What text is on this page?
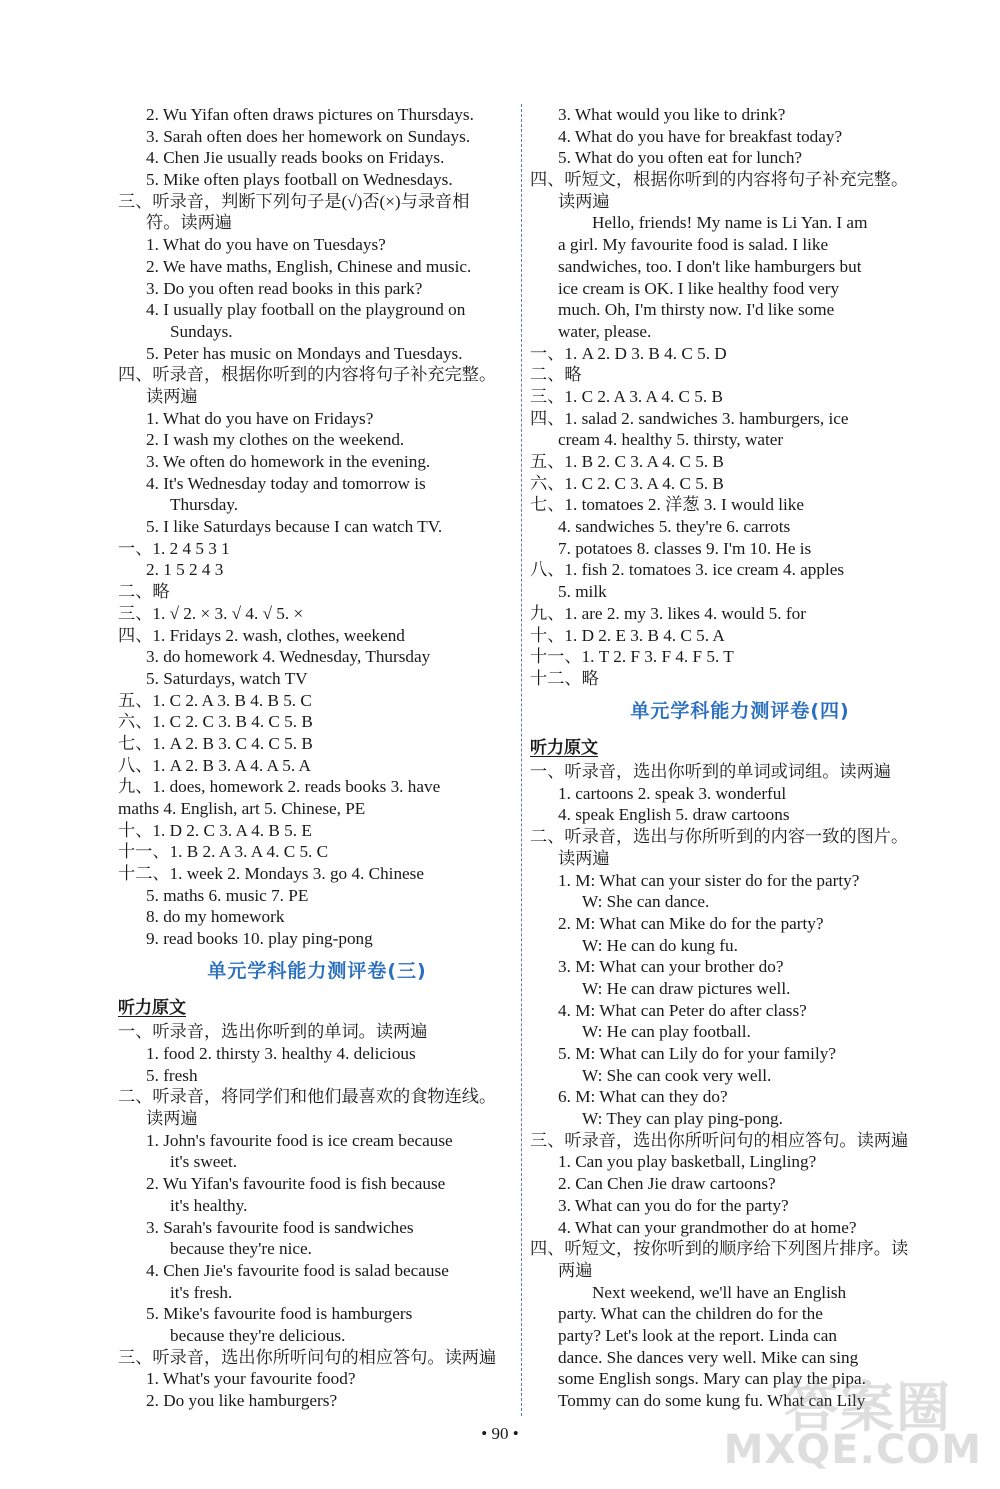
2. Wu Yifan often draws pictures on Thursdays.
3. Sarah often does her homework on Sundays.
4. Chen Jie usually reads books on Fridays.
5. Mike often plays football on Wednesdays.
三、听录音，判断下列句子是(√)否(×)与录音相
符。读两遍
1. What do you have on Tuesdays?
2. We have maths, English, Chinese and music.
3. Do you often read books in this park?
4. I usually play football on the playground on
Sundays.
5. Peter has music on Mondays and Tuesdays.
四、听录音，根据你听到的内容将句子补充完整。
读两遍
1. What do you have on Fridays?
2. I wash my clothes on the weekend.
3. We often do homework in the evening.
4. It's Wednesday today and tomorrow is
Thursday.
5. I like Saturdays because I can watch TV.
一、1. 2 4 5 3 1
2. 1 5 2 4 3
二、略
三、1. √ 2. × 3. √ 4. √ 5. ×
四、1. Fridays 2. wash, clothes, weekend
3. do homework 4. Wednesday, Thursday
5. Saturdays, watch TV
五、1. C 2. A 3. B 4. B 5. C
六、1. C 2. C 3. B 4. C 5. B
七、1. A 2. B 3. C 4. C 5. B
八、1. A 2. B 3. A 4. A 5. A
九、1. does, homework 2. reads books 3. have
maths 4. English, art 5. Chinese, PE
十、1. D 2. C 3. A 4. B 5. E
十一、1. B 2. A 3. A 4. C 5. C
十二、1. week 2. Mondays 3. go 4. Chinese
5. maths 6. music 7. PE
8. do my homework
9. read books 10. play ping-pong
单元学科能力测评卷(三)
听力原文
一、听录音，选出你听到的单词。读两遍
1. food 2. thirsty 3. healthy 4. delicious
5. fresh
二、听录音，将同学们和他们最喜欢的食物连线。
读两遍
1. John's favourite food is ice cream because
it's sweet.
2. Wu Yifan's favourite food is fish because
it's healthy.
3. Sarah's favourite food is sandwiches
because they're nice.
4. Chen Jie's favourite food is salad because
it's fresh.
5. Mike's favourite food is hamburgers
because they're delicious.
三、听录音，选出你所听问句的相应答句。读两遍
1. What's your favourite food?
2. Do you like hamburgers?
3. What would you like to drink?
4. What do you have for breakfast today?
5. What do you often eat for lunch?
四、听短文，根据你听到的内容将句子补充完整。
读两遍
Hello, friends! My name is Li Yan. I am
a girl. My favourite food is salad. I like
sandwiches, too. I don't like hamburgers but
ice cream is OK. I like healthy food very
much. Oh, I'm thirsty now. I'd like some
water, please.
一、1. A 2. D 3. B 4. C 5. D
二、略
三、1. C 2. A 3. A 4. C 5. B
四、1. salad 2. sandwiches 3. hamburgers, ice
cream 4. healthy 5. thirsty, water
五、1. B 2. C 3. A 4. C 5. B
六、1. C 2. C 3. A 4. C 5. B
七、1. tomatoes 2. 洋葱 3. I would like
4. sandwiches 5. they're 6. carrots
7. potatoes 8. classes 9. I'm 10. He is
八、1. fish 2. tomatoes 3. ice cream 4. apples
5. milk
九、1. are 2. my 3. likes 4. would 5. for
十、1. D 2. E 3. B 4. C 5. A
十一、1. T 2. F 3. F 4. F 5. T
十二、略
单元学科能力测评卷(四)
听力原文
一、听录音，选出你听到的单词或词组。读两遍
1. cartoons 2. speak 3. wonderful
4. speak English 5. draw cartoons
二、听录音，选出与你所听到的内容一致的图片。
读两遍
1. M: What can your sister do for the party?
W: She can dance.
2. M: What can Mike do for the party?
W: He can do kung fu.
3. M: What can your brother do?
W: He can draw pictures well.
4. M: What can Peter do after class?
W: He can play football.
5. M: What can Lily do for your family?
W: She can cook very well.
6. M: What can they do?
W: They can play ping-pong.
三、听录音，选出你所听问句的相应答句。读两遍
1. Can you play basketball, Lingling?
2. Can Chen Jie draw cartoons?
3. What can you do for the party?
4. What can your grandmother do at home?
四、听短文，按你听到的顺序给下列图片排序。读
两遍
Next weekend, we'll have an English
party. What can the children do for the
party? Let's look at the report. Linda can
dance. She dances very well. Mike can sing
some English songs. Mary can play the pipa.
Tommy can do some kung fu. What can Lily
• 90 •	答案圈
MXQE.COM
